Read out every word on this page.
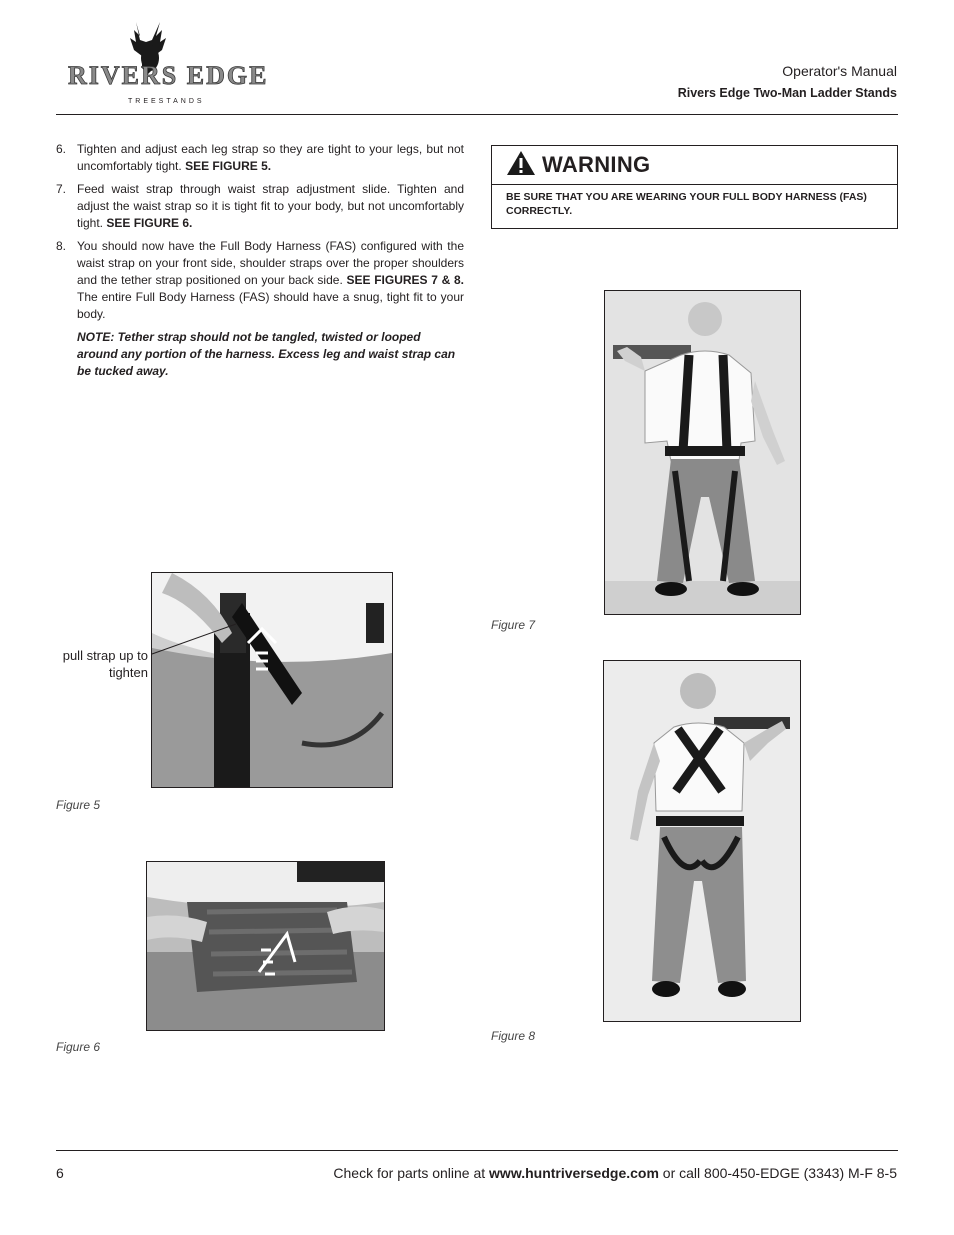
RIVERS EDGE
TREESTANDS
Operator's Manual
Rivers Edge Two-Man Ladder Stands
6. Tighten and adjust each leg strap so they are tight to your legs, but not uncomfortably tight. SEE FIGURE 5.
7. Feed waist strap through waist strap adjustment slide. Tighten and adjust the waist strap so it is tight fit to your body, but not uncomfortably tight. SEE FIGURE 6.
8. You should now have the Full Body Harness (FAS) configured with the waist strap on your front side, shoulder straps over the proper shoulders and the tether strap positioned on your back side. SEE FIGURES 7 & 8. The entire Full Body Harness (FAS) should have a snug, tight fit to your body.
NOTE: Tether strap should not be tangled, twisted or looped around any portion of the harness. Excess leg and waist strap can be tucked away.
WARNING
BE SURE THAT YOU ARE WEARING YOUR FULL BODY HARNESS (FAS) CORRECTLY.
pull strap up to tighten
Figure 5
Figure 6
Figure 7
Figure 8
6	Check for parts online at www.huntriversedge.com or call 800-450-EDGE (3343) M-F 8-5
